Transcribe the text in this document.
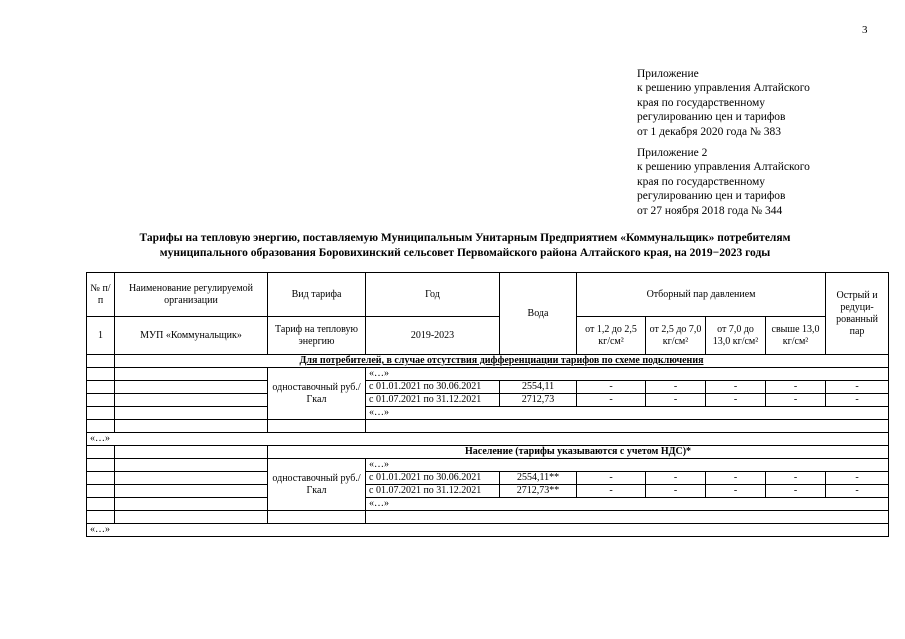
3
Приложение
к решению управления Алтайского
края по государственному
регулированию цен и тарифов
от 1 декабря 2020 года № 383
Приложение 2
к решению управления Алтайского
края по государственному
регулированию цен и тарифов
от 27 ноября 2018 года № 344
Тарифы на тепловую энергию, поставляемую Муниципальным Унитарным Предприятием «Коммунальщик» потребителям
муниципального образования Боровихинский сельсовет Первомайского района Алтайского края, на 2019−2023 годы
№ п/п	Наименование регулируемой организации	Вид тарифа	Год	Вода	Отборный пар давлением				Острый и редуци-рованный пар
1	МУП «Коммунальщик»	Тариф на тепловую энергию	2019-2023		от 1,2 до 2,5 кг/см²	от 2,5 до 7,0 кг/см²	от 7,0 до 13,0 кг/см²	свыше 13,0 кг/см²	
	Для потребителей, в случае отсутствия дифференциации тарифов по схеме подключения								
		одноставочный руб./Гкал	«…»						
			с 01.01.2021 по 30.06.2021	2554,11	-	-	-	-	-
			с 01.07.2021 по 31.12.2021	2712,73	-	-	-	-	-
			«…»						

«…»									
		Население (тарифы указываются с учетом НДС)*							
		одноставочный руб./Гкал	«…»						
			с 01.01.2021 по 30.06.2021	2554,11**	-	-	-	-	-
			с 01.07.2021 по 31.12.2021	2712,73**	-	-	-	-	-
			«…»						

«…»									
